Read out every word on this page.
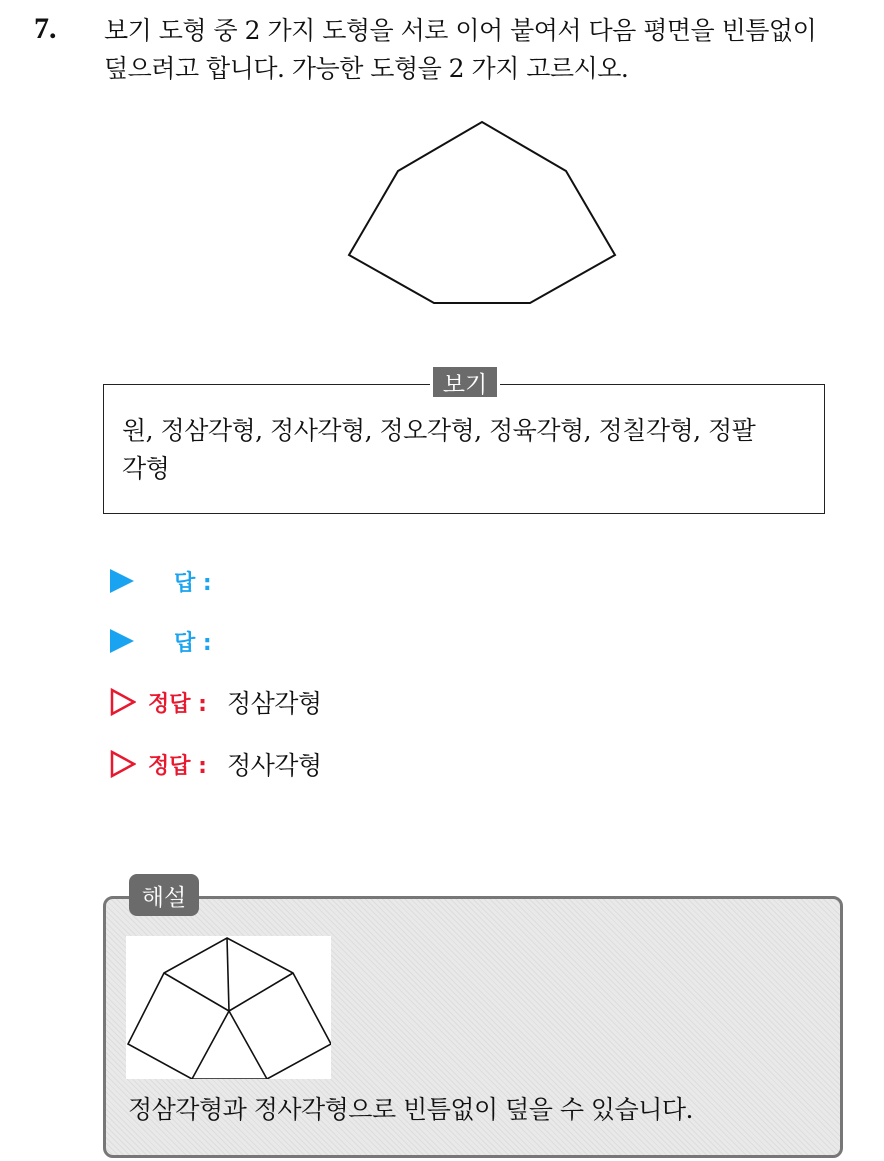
7. 보기 도형 중 2 가지 도형을 서로 이어 붙여서 다음 평면을 빈틈없이
덮으려고 합니다. 가능한 도형을 2 가지 고르시오.
보기
원, 정삼각형, 정사각형, 정오각형, 정육각형, 정칠각형, 정팔
각형
답 :
답 :
정답 : 정삼각형
정답 : 정사각형
해설
정삼각형과 정사각형으로 빈틈없이 덮을 수 있습니다.
